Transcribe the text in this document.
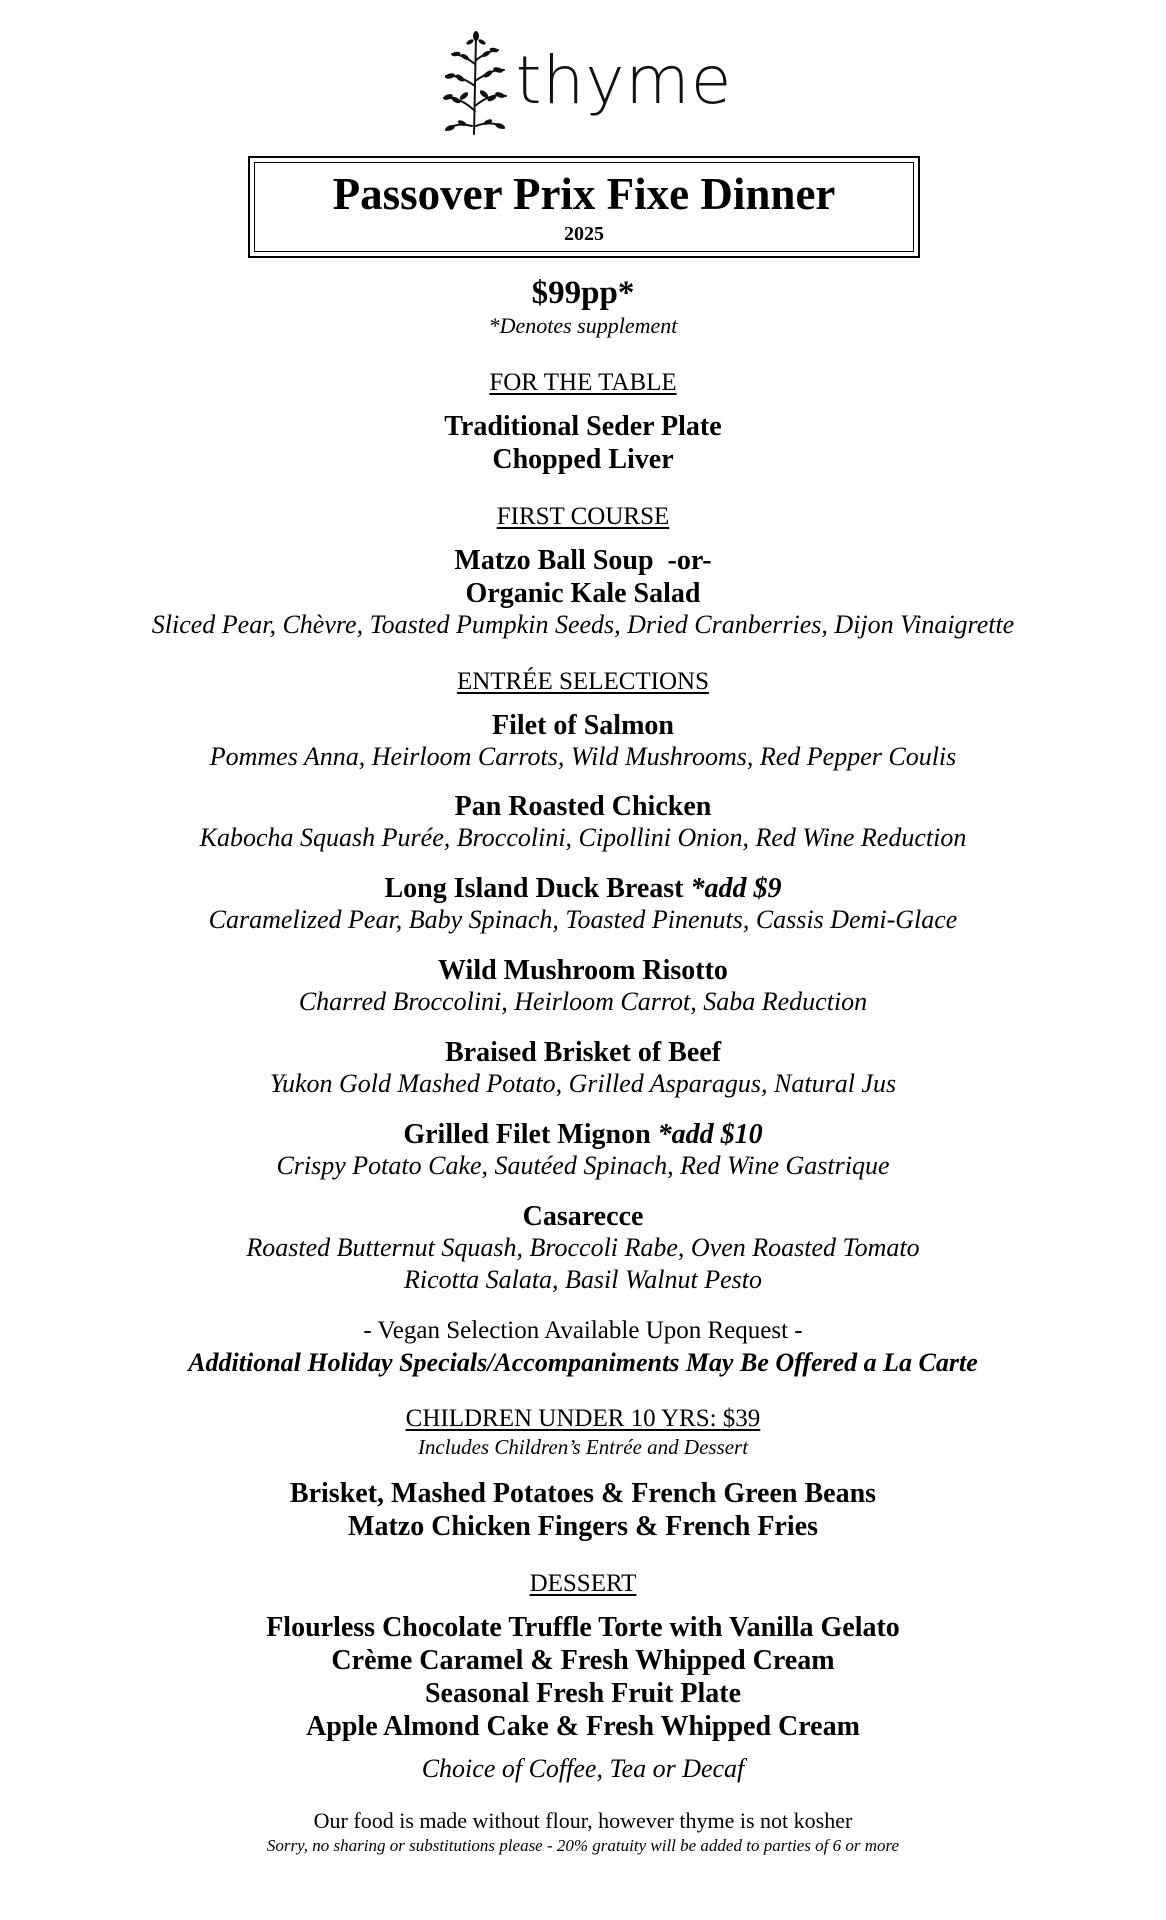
thyme
Passover Prix Fixe Dinner
2025
$99pp*
*Denotes supplement
FOR THE TABLE
Traditional Seder Plate
Chopped Liver
FIRST COURSE
Matzo Ball Soup  -or-
Organic Kale Salad
Sliced Pear, Chèvre, Toasted Pumpkin Seeds, Dried Cranberries, Dijon Vinaigrette
ENTRÉE SELECTIONS
Filet of Salmon
Pommes Anna, Heirloom Carrots, Wild Mushrooms, Red Pepper Coulis
Pan Roasted Chicken
Kabocha Squash Purée, Broccolini, Cipollini Onion, Red Wine Reduction
Long Island Duck Breast *add $9
Caramelized Pear, Baby Spinach, Toasted Pinenuts, Cassis Demi-Glace
Wild Mushroom Risotto
Charred Broccolini, Heirloom Carrot, Saba Reduction
Braised Brisket of Beef
Yukon Gold Mashed Potato, Grilled Asparagus, Natural Jus
Grilled Filet Mignon *add $10
Crispy Potato Cake, Sautéed Spinach, Red Wine Gastrique
Casarecce
Roasted Butternut Squash, Broccoli Rabe, Oven Roasted Tomato
Ricotta Salata, Basil Walnut Pesto
- Vegan Selection Available Upon Request -
Additional Holiday Specials/Accompaniments May Be Offered a La Carte
CHILDREN UNDER 10 YRS: $39
Includes Children’s Entrée and Dessert
Brisket, Mashed Potatoes & French Green Beans
Matzo Chicken Fingers & French Fries
DESSERT
Flourless Chocolate Truffle Torte with Vanilla Gelato
Crème Caramel & Fresh Whipped Cream
Seasonal Fresh Fruit Plate
Apple Almond Cake & Fresh Whipped Cream
Choice of Coffee, Tea or Decaf
Our food is made without flour, however thyme is not kosher
Sorry, no sharing or substitutions please - 20% gratuity will be added to parties of 6 or more
